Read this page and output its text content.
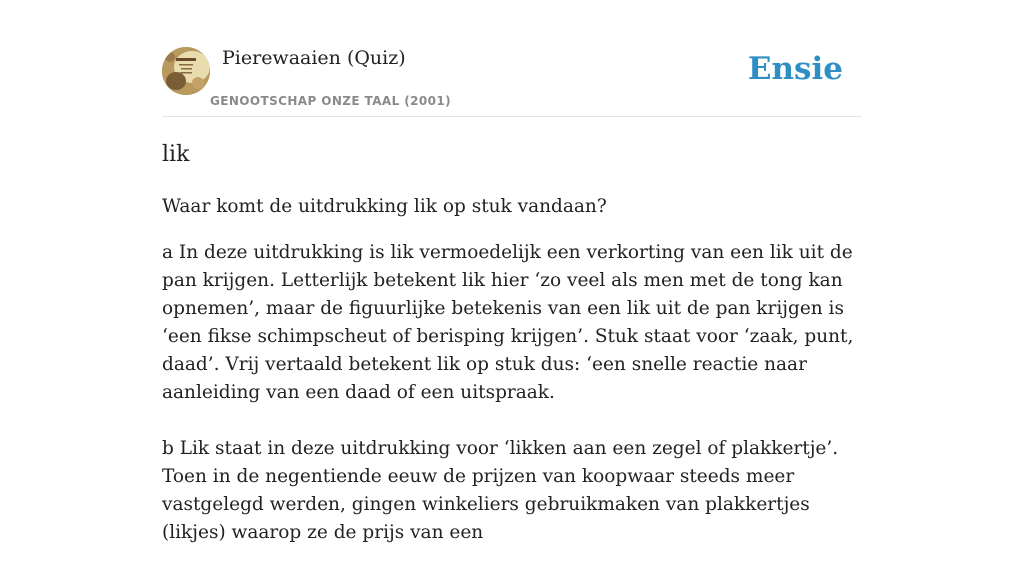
Pierewaaien (Quiz)
GENOOTSCHAP ONZE TAAL (2001)
Ensie
lik
Waar komt de uitdrukking lik op stuk vandaan?

a In deze uitdrukking is lik vermoedelijk een verkorting van een lik uit de pan krijgen. Letterlijk betekent lik hier ‘zo veel als men met de tong kan opnemen’, maar de figuurlijke betekenis van een lik uit de pan krijgen is ‘een fikse schimpscheut of berisping krijgen’. Stuk staat voor ‘zaak, punt, daad’. Vrij vertaald betekent lik op stuk dus: ‘een snelle reactie naar aanleiding van een daad of een uitspraak.

b Lik staat in deze uitdrukking voor ‘likken aan een zegel of plakkertje’. Toen in de negentiende eeuw de prijzen van koopwaar steeds meer vastgelegd werden, gingen winkeliers gebruikmaken van plakkertjes (likjes) waarop ze de prijs van een
